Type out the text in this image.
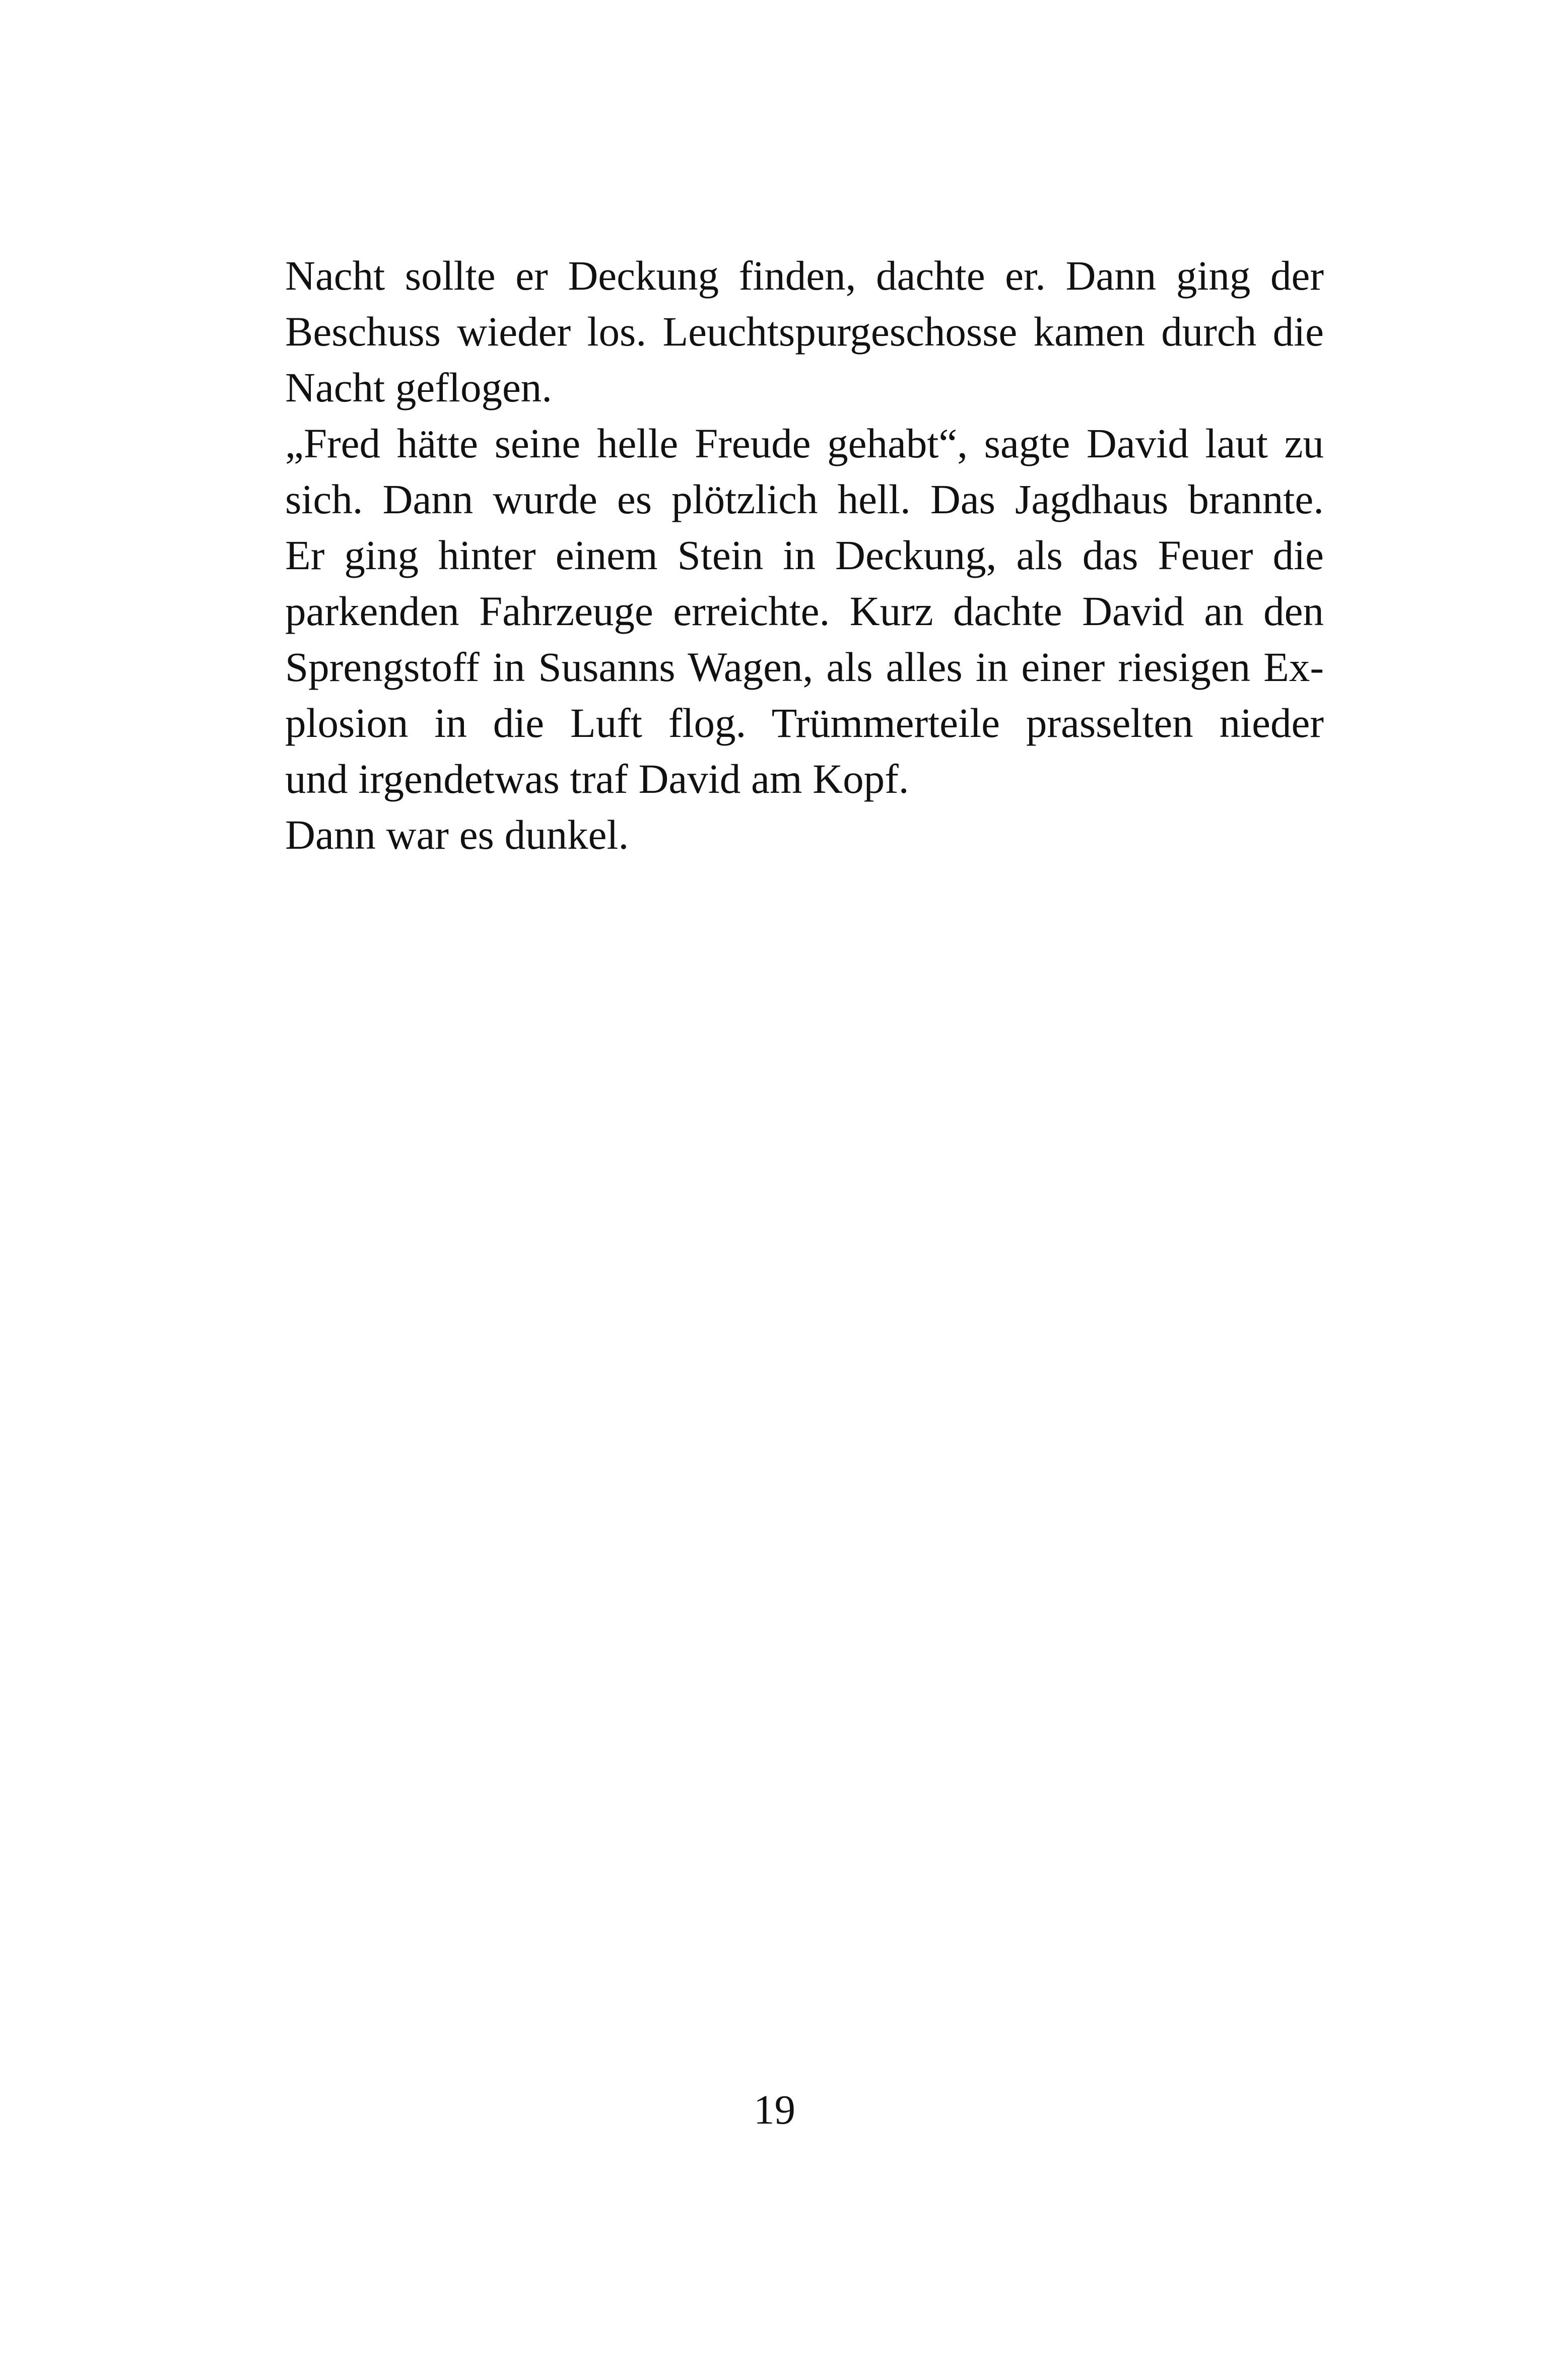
Nacht sollte er Deckung finden, dachte er. Dann ging der
Beschuss wieder los. Leuchtspurgeschosse kamen durch die
Nacht geflogen.
„Fred hätte seine helle Freude gehabt“, sagte David laut zu
sich. Dann wurde es plötzlich hell. Das Jagdhaus brannte.
Er ging hinter einem Stein in Deckung, als das Feuer die
parkenden Fahrzeuge erreichte. Kurz dachte David an den
Sprengstoff in Susanns Wagen, als alles in einer riesigen Ex-
plosion in die Luft flog. Trümmerteile prasselten nieder
und irgendetwas traf David am Kopf.
Dann war es dunkel.
19
